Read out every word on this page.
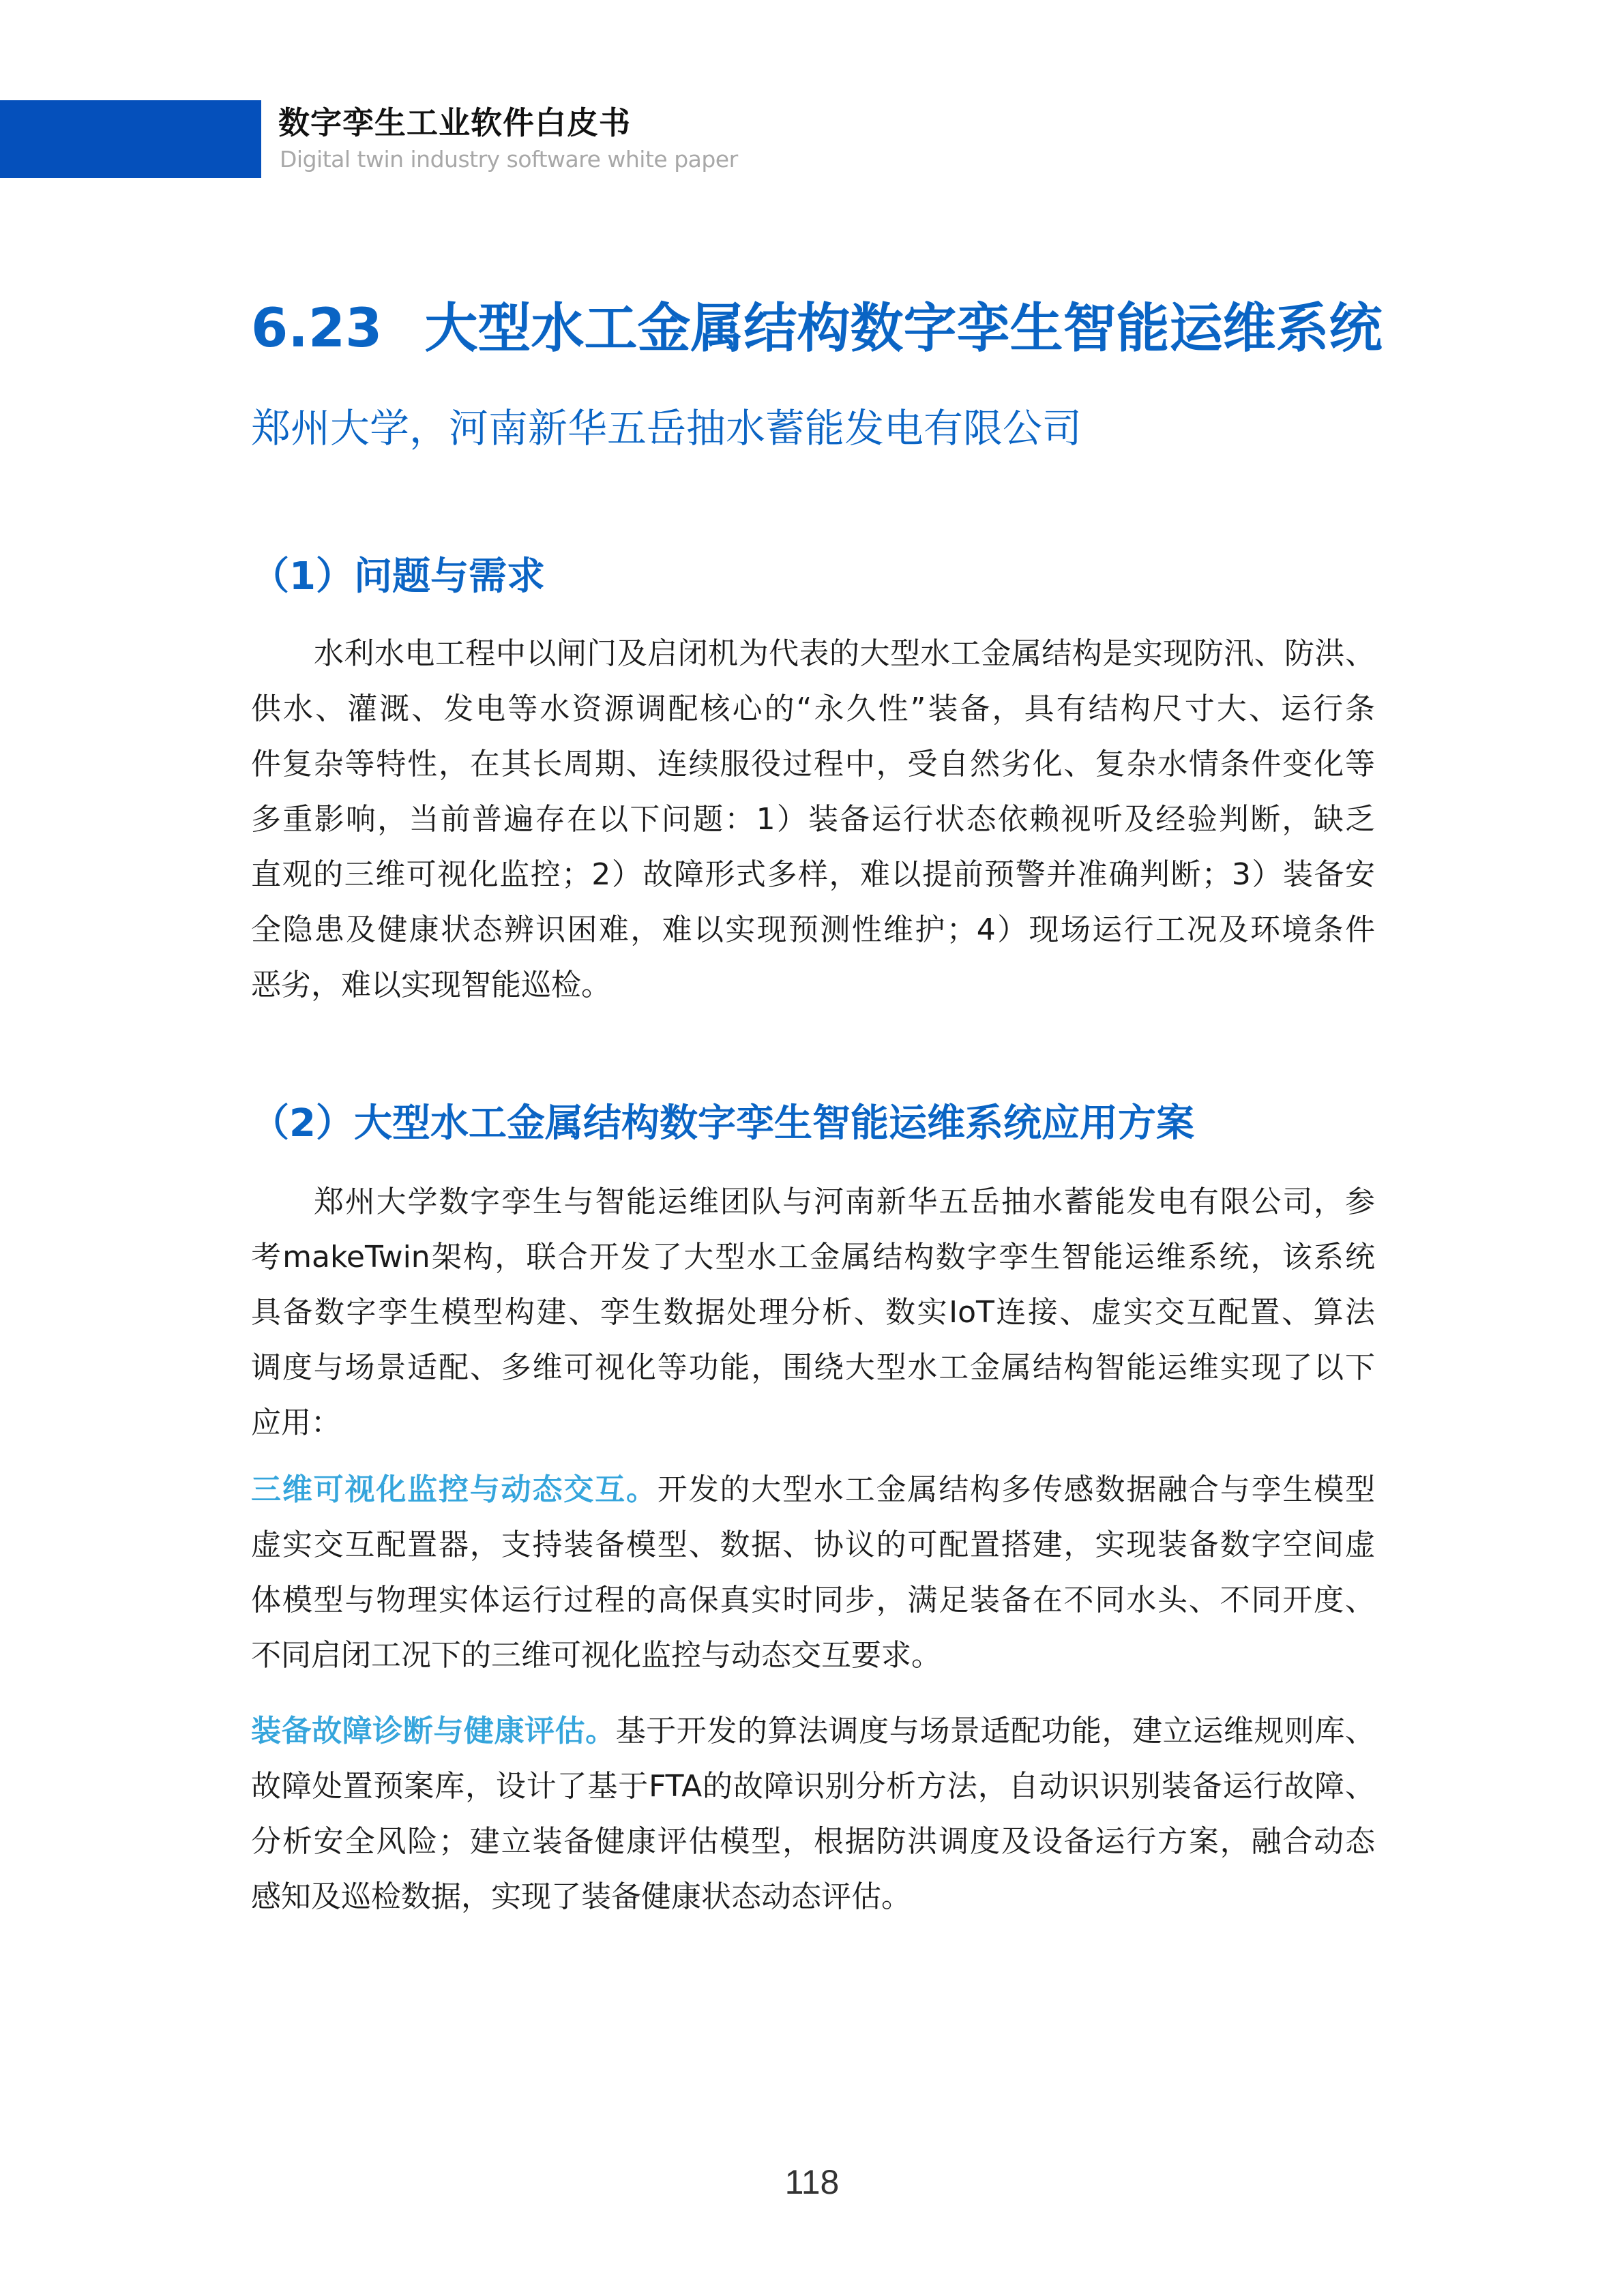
数字孪生工业软件白皮书
Digital twin industry software white paper
6.23 大型水工金属结构数字孪生智能运维系统
郑州大学，河南新华五岳抽水蓄能发电有限公司
（1）问题与需求
水利水电工程中以闸门及启闭机为代表的大型水工金属结构是实现防汛、防洪、
供水、灌溉、发电等水资源调配核心的“永久性”装备，具有结构尺寸大、运行条
件复杂等特性，在其长周期、连续服役过程中，受自然劣化、复杂水情条件变化等
多重影响，当前普遍存在以下问题：1）装备运行状态依赖视听及经验判断，缺乏
直观的三维可视化监控；2）故障形式多样，难以提前预警并准确判断；3）装备安
全隐患及健康状态辨识困难，难以实现预测性维护；4）现场运行工况及环境条件
恶劣，难以实现智能巡检。
（2）大型水工金属结构数字孪生智能运维系统应用方案
郑州大学数字孪生与智能运维团队与河南新华五岳抽水蓄能发电有限公司，参
考makeTwin架构，联合开发了大型水工金属结构数字孪生智能运维系统，该系统
具备数字孪生模型构建、孪生数据处理分析、数实IoT连接、虚实交互配置、算法
调度与场景适配、多维可视化等功能，围绕大型水工金属结构智能运维实现了以下
应用：
三维可视化监控与动态交互。开发的大型水工金属结构多传感数据融合与孪生模型
虚实交互配置器，支持装备模型、数据、协议的可配置搭建，实现装备数字空间虚
体模型与物理实体运行过程的高保真实时同步，满足装备在不同水头、不同开度、
不同启闭工况下的三维可视化监控与动态交互要求。
装备故障诊断与健康评估。基于开发的算法调度与场景适配功能，建立运维规则库、
故障处置预案库，设计了基于FTA的故障识别分析方法，自动识识别装备运行故障、
分析安全风险；建立装备健康评估模型，根据防洪调度及设备运行方案，融合动态
感知及巡检数据，实现了装备健康状态动态评估。
118
